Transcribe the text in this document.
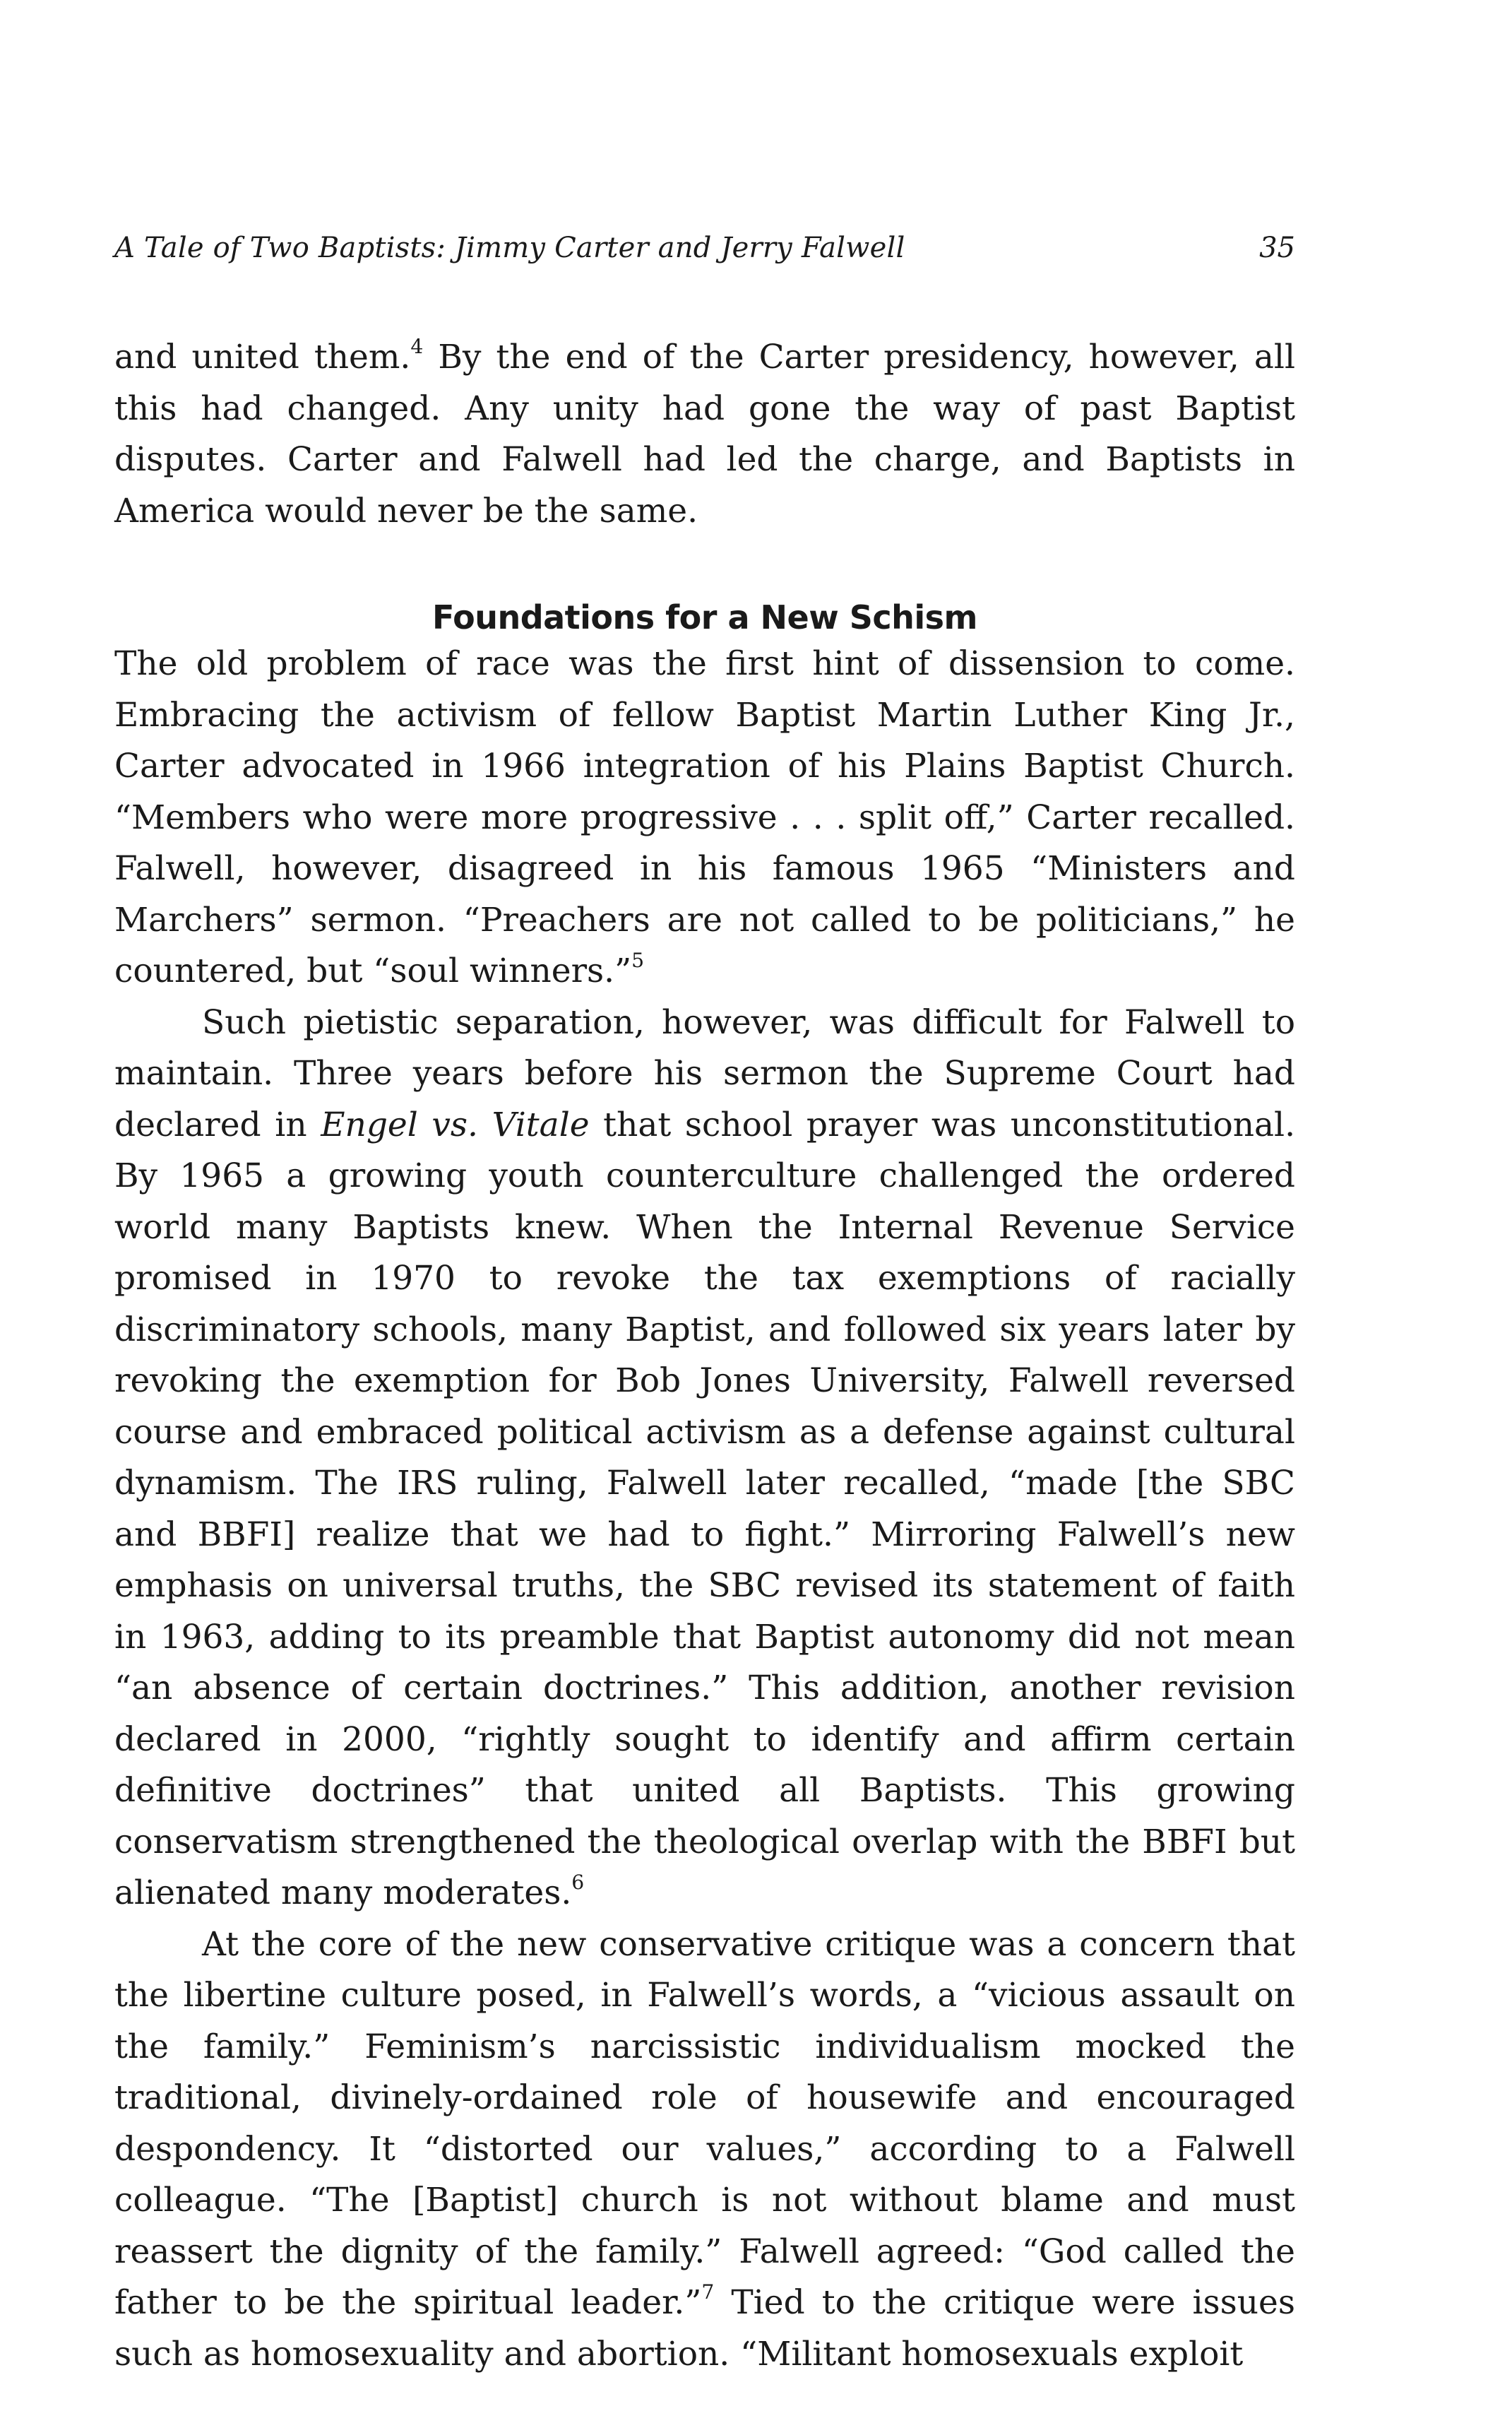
A Tale of Two Baptists: Jimmy Carter and Jerry Falwell	35

and united them.$^4$ By the end of the Carter presidency, however, all this had changed. Any unity had gone the way of past Baptist disputes. Carter and Falwell had led the charge, and Baptists in America would never be the same.

Foundations for a New Schism

The old problem of race was the first hint of dissension to come. Embracing the activism of fellow Baptist Martin Luther King Jr., Carter advocated in 1966 integration of his Plains Baptist Church. “Members who were more progressive . . . split off,” Carter recalled. Falwell, however, disagreed in his famous 1965 “Ministers and Marchers” sermon. “Preachers are not called to be politicians,” he countered, but “soul winners.”$^5$

Such pietistic separation, however, was difficult for Falwell to maintain. Three years before his sermon the Supreme Court had declared in Engel vs. Vitale that school prayer was unconstitutional. By 1965 a growing youth counterculture challenged the ordered world many Baptists knew. When the Internal Revenue Service promised in 1970 to revoke the tax exemptions of racially discriminatory schools, many Baptist, and followed six years later by revoking the exemption for Bob Jones University, Falwell reversed course and embraced political activism as a defense against cultural dynamism. The IRS ruling, Falwell later recalled, “made [the SBC and BBFI] realize that we had to fight.” Mirroring Falwell’s new emphasis on universal truths, the SBC revised its statement of faith in 1963, adding to its preamble that Baptist autonomy did not mean “an absence of certain doctrines.” This addition, another revision declared in 2000, “rightly sought to identify and affirm certain definitive doctrines” that united all Baptists. This growing conservatism strengthened the theological overlap with the BBFI but alienated many moderates.$^6$

At the core of the new conservative critique was a concern that the libertine culture posed, in Falwell’s words, a “vicious assault on the family.” Feminism’s narcissistic individualism mocked the traditional, divinely-ordained role of housewife and encouraged despondency. It “distorted our values,” according to a Falwell colleague. “The [Baptist] church is not without blame and must reassert the dignity of the family.” Falwell agreed: “God called the father to be the spiritual leader.”$^7$ Tied to the critique were issues such as homosexuality and abortion. “Militant homosexuals exploit
